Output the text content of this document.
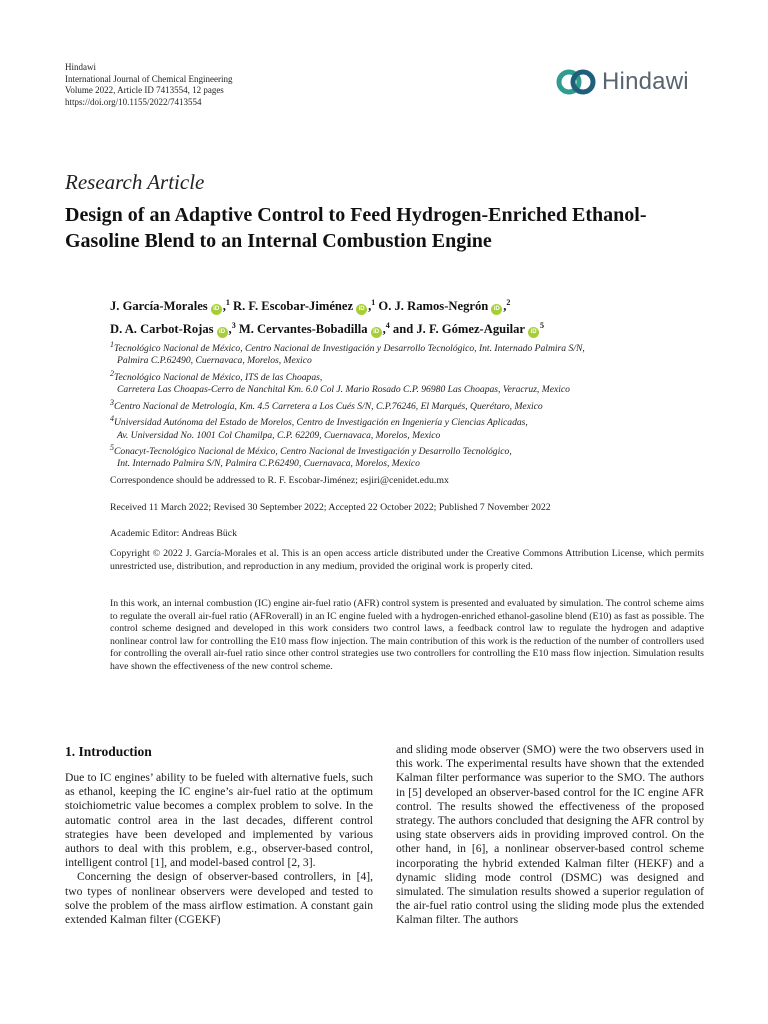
Hindawi
International Journal of Chemical Engineering
Volume 2022, Article ID 7413554, 12 pages
https://doi.org/10.1155/2022/7413554
Hindawi
Research Article
Design of an Adaptive Control to Feed Hydrogen-Enriched Ethanol-Gasoline Blend to an Internal Combustion Engine
J. García-Morales iD ,$^1$ R. F. Escobar-Jiménez iD ,$^1$ O. J. Ramos-Negrón iD ,$^2$
D. A. Carbot-Rojas iD ,$^3$ M. Cervantes-Bobadilla iD ,$^4$ and J. F. Gómez-Aguilar $iD^5$
$^1$Tecnológico Nacional de México, Centro Nacional de Investigación y Desarrollo Tecnológico, Int. Internado Palmira S/N,
Palmira C.P.62490, Cuernavaca, Morelos, Mexico
$^2$Tecnológico Nacional de México, ITS de las Choapas,
Carretera Las Choapas-Cerro de Nanchital Km. 6.0 Col J. Mario Rosado C.P. 96980 Las Choapas, Veracruz, Mexico
$^3$Centro Nacional de Metrología, Km. 4.5 Carretera a Los Cués S/N, C.P.76246, El Marqués, Querétaro, Mexico
$^4$Universidad Autónoma del Estado de Morelos, Centro de Investigación en Ingeniería y Ciencias Aplicadas,
Av. Universidad No. 1001 Col Chamilpa, C.P. 62209, Cuernavaca, Morelos, Mexico
$^5$Conacyt-Tecnológico Nacional de México, Centro Nacional de Investigación y Desarrollo Tecnológico,
Int. Internado Palmira S/N, Palmira C.P.62490, Cuernavaca, Morelos, Mexico
Correspondence should be addressed to R. F. Escobar-Jiménez; esjiri@cenidet.edu.mx
Received 11 March 2022; Revised 30 September 2022; Accepted 22 October 2022; Published 7 November 2022
Academic Editor: Andreas Bück
Copyright © 2022 J. García-Morales et al. This is an open access article distributed under the Creative Commons Attribution License, which permits unrestricted use, distribution, and reproduction in any medium, provided the original work is properly cited.
In this work, an internal combustion (IC) engine air-fuel ratio (AFR) control system is presented and evaluated by simulation. The control scheme aims to regulate the overall air-fuel ratio (AFRoverall) in an IC engine fueled with a hydrogen-enriched ethanol-gasoline blend (E10) as fast as possible. The control scheme designed and developed in this work considers two control laws, a feedback control law to regulate the hydrogen and adaptive nonlinear control law for controlling the E10 mass flow injection. The main contribution of this work is the reduction of the number of controllers used for controlling the overall air-fuel ratio since other control strategies use two controllers for controlling the E10 mass flow injection. Simulation results have shown the effectiveness of the new control scheme.
1. Introduction

Due to IC engines’ ability to be fueled with alternative fuels, such as ethanol, keeping the IC engine’s air-fuel ratio at the optimum stoichiometric value becomes a complex problem to solve. In the automatic control area in the last decades, different control strategies have been developed and implemented by various authors to deal with this problem, e.g., observer-based control, intelligent control [1], and model-based control [2, 3].

Concerning the design of observer-based controllers, in [4], two types of nonlinear observers were developed and tested to solve the problem of the mass airflow estimation. A constant gain extended Kalman filter (CGEKF)

and sliding mode observer (SMO) were the two observers used in this work. The experimental results have shown that the extended Kalman filter performance was superior to the SMO. The authors in [5] developed an observer-based control for the IC engine AFR control. The results showed the effectiveness of the proposed strategy. The authors concluded that designing the AFR control by using state observers aids in providing improved control. On the other hand, in [6], a nonlinear observer-based control scheme incorporating the hybrid extended Kalman filter (HEKF) and a dynamic sliding mode control (DSMC) was designed and simulated. The simulation results showed a superior regulation of the air-fuel ratio control using the sliding mode plus the extended Kalman filter. The authors
